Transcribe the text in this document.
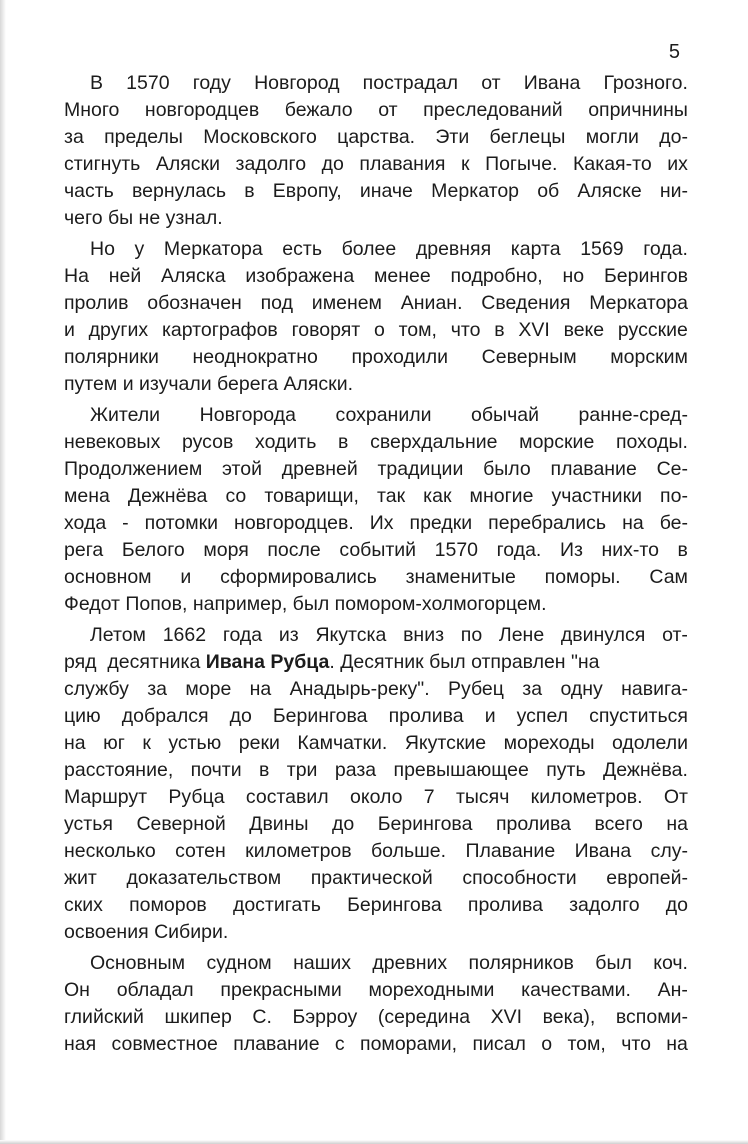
5
В 1570 году Новгород пострадал от Ивана Грозного.
Много новгородцев бежало от преследований опричнины
за пределы Московского царства. Эти беглецы могли до-
стигнуть Аляски задолго до плавания к Погыче. Какая-то их
часть вернулась в Европу, иначе Меркатор об Аляске ни-
чего бы не узнал.
Но у Меркатора есть более древняя карта 1569 года.
На ней Аляска изображена менее подробно, но Берингов
пролив обозначен под именем Аниан. Сведения Меркатора
и других картографов говорят о том, что в XVI веке русские
полярники неоднократно проходили Северным морским
путем и изучали берега Аляски.
Жители Новгорода сохранили обычай ранне-сред-
невековых русов ходить в сверхдальние морские походы.
Продолжением этой древней традиции было плавание Се-
мена Дежнёва со товарищи, так как многие участники по-
хода - потомки новгородцев. Их предки перебрались на бе-
рега Белого моря после событий 1570 года. Из них-то в
основном и сформировались знаменитые поморы. Сам
Федот Попов, например, был помором-холмогорцем.
Летом 1662 года из Якутска вниз по Лене двинулся от-
ряд  десятника Ивана Рубца. Десятник был отправлен "на
службу за море на Анадырь-реку". Рубец за одну навига-
цию добрался до Берингова пролива и успел спуститься
на юг к устью реки Камчатки. Якутские мореходы одолели
расстояние, почти в три раза превышающее путь Дежнёва.
Маршрут Рубца составил около 7 тысяч километров. От
устья Северной Двины до Берингова пролива всего на
несколько сотен километров больше. Плавание Ивана слу-
жит доказательством практической способности европей-
ских поморов достигать Берингова пролива задолго до
освоения Сибири.
Основным судном наших древних полярников был коч.
Он обладал прекрасными мореходными качествами. Ан-
глийский шкипер С. Бэрроу (середина XVI века), вспоми-
ная совместное плавание с поморами, писал о том, что на
